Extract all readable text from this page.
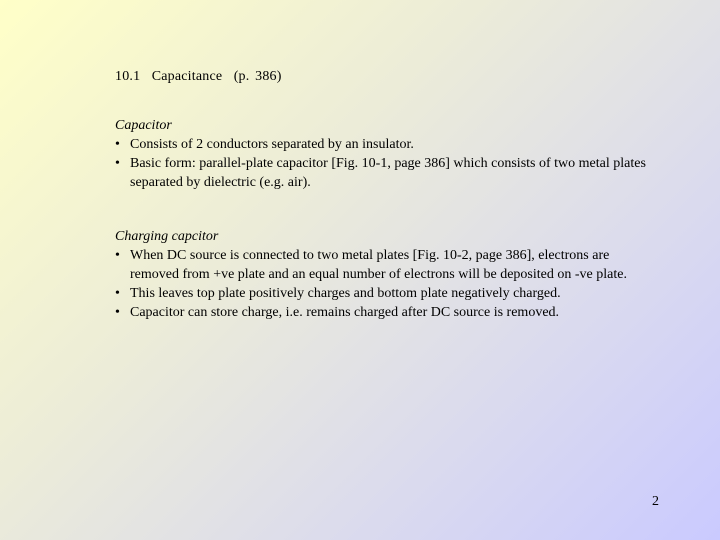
10.1  Capacitance  (p. 386)

Capacitor

• Consists of 2 conductors separated by an insulator.
• Basic form: parallel-plate capacitor [Fig. 10-1, page 386] which consists of two metal plates separated by dielectric (e.g. air).

Charging capcitor

• When DC source is connected to two metal plates [Fig. 10-2, page 386], electrons are removed from +ve plate and an equal number of electrons will be deposited on -ve plate.
• This leaves top plate positively charges and bottom plate negatively charged.
• Capacitor can store charge, i.e. remains charged after DC source is removed.
2
